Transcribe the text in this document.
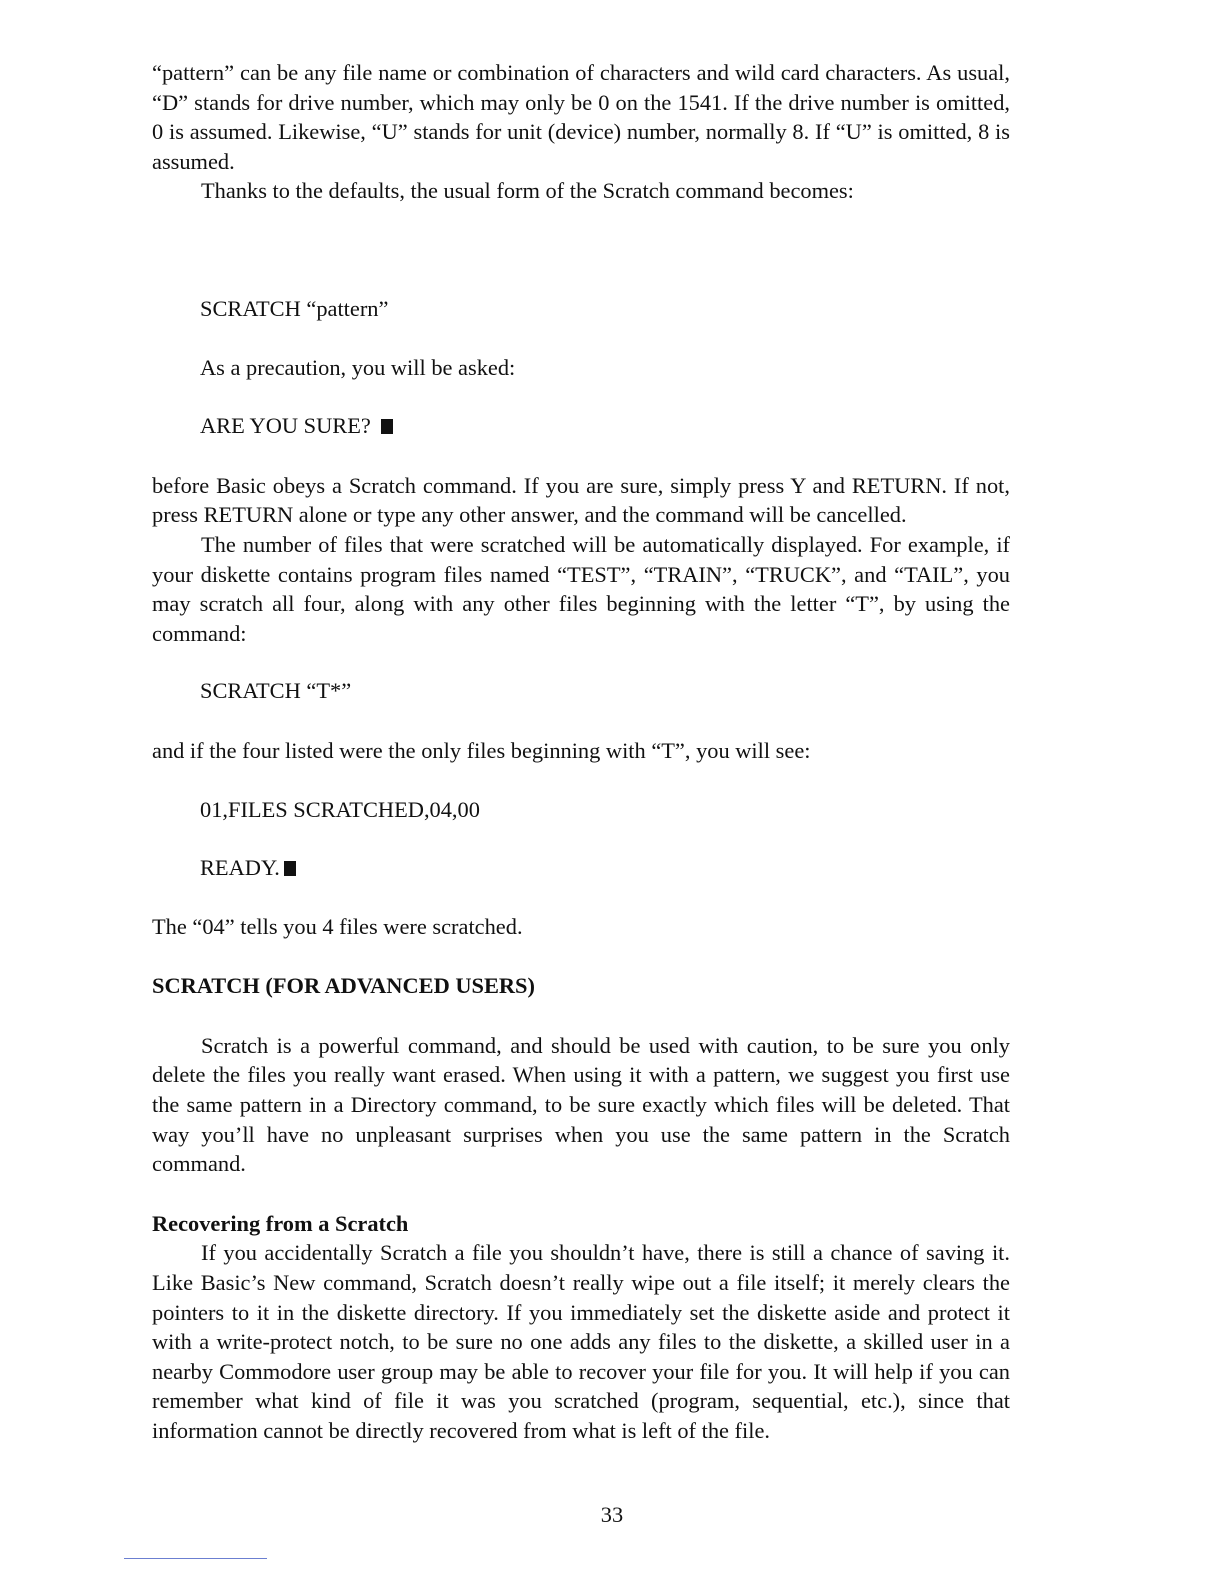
“pattern” can be any file name or combination of characters and wild card characters. As usual, “D” stands for drive number, which may only be 0 on the 1541. If the drive number is omitted, 0 is assumed. Likewise, “U” stands for unit (device) number, normally 8. If “U” is omitted, 8 is assumed.

Thanks to the defaults, the usual form of the Scratch command becomes:

SCRATCH “pattern”

As a precaution, you will be asked:

ARE YOU SURE?

before Basic obeys a Scratch command. If you are sure, simply press Y and RETURN. If not, press RETURN alone or type any other answer, and the command will be cancelled.

The number of files that were scratched will be automatically displayed. For example, if your diskette contains program files named “TEST”, “TRAIN”, “TRUCK”, and “TAIL”, you may scratch all four, along with any other files beginning with the letter “T”, by using the command:

SCRATCH “T*”

and if the four listed were the only files beginning with “T”, you will see:

01,FILES SCRATCHED,04,00

READY.

The “04” tells you 4 files were scratched.

SCRATCH (FOR ADVANCED USERS)

Scratch is a powerful command, and should be used with caution, to be sure you only delete the files you really want erased. When using it with a pattern, we suggest you first use the same pattern in a Directory command, to be sure exactly which files will be deleted. That way you’ll have no unpleasant surprises when you use the same pattern in the Scratch command.

Recovering from a Scratch

If you accidentally Scratch a file you shouldn’t have, there is still a chance of saving it. Like Basic’s New command, Scratch doesn’t really wipe out a file itself; it merely clears the pointers to it in the diskette directory. If you immediately set the diskette aside and protect it with a write-protect notch, to be sure no one adds any files to the diskette, a skilled user in a nearby Commodore user group may be able to recover your file for you. It will help if you can remember what kind of file it was you scratched (program, sequential, etc.), since that information cannot be directly recovered from what is left of the file.

33
